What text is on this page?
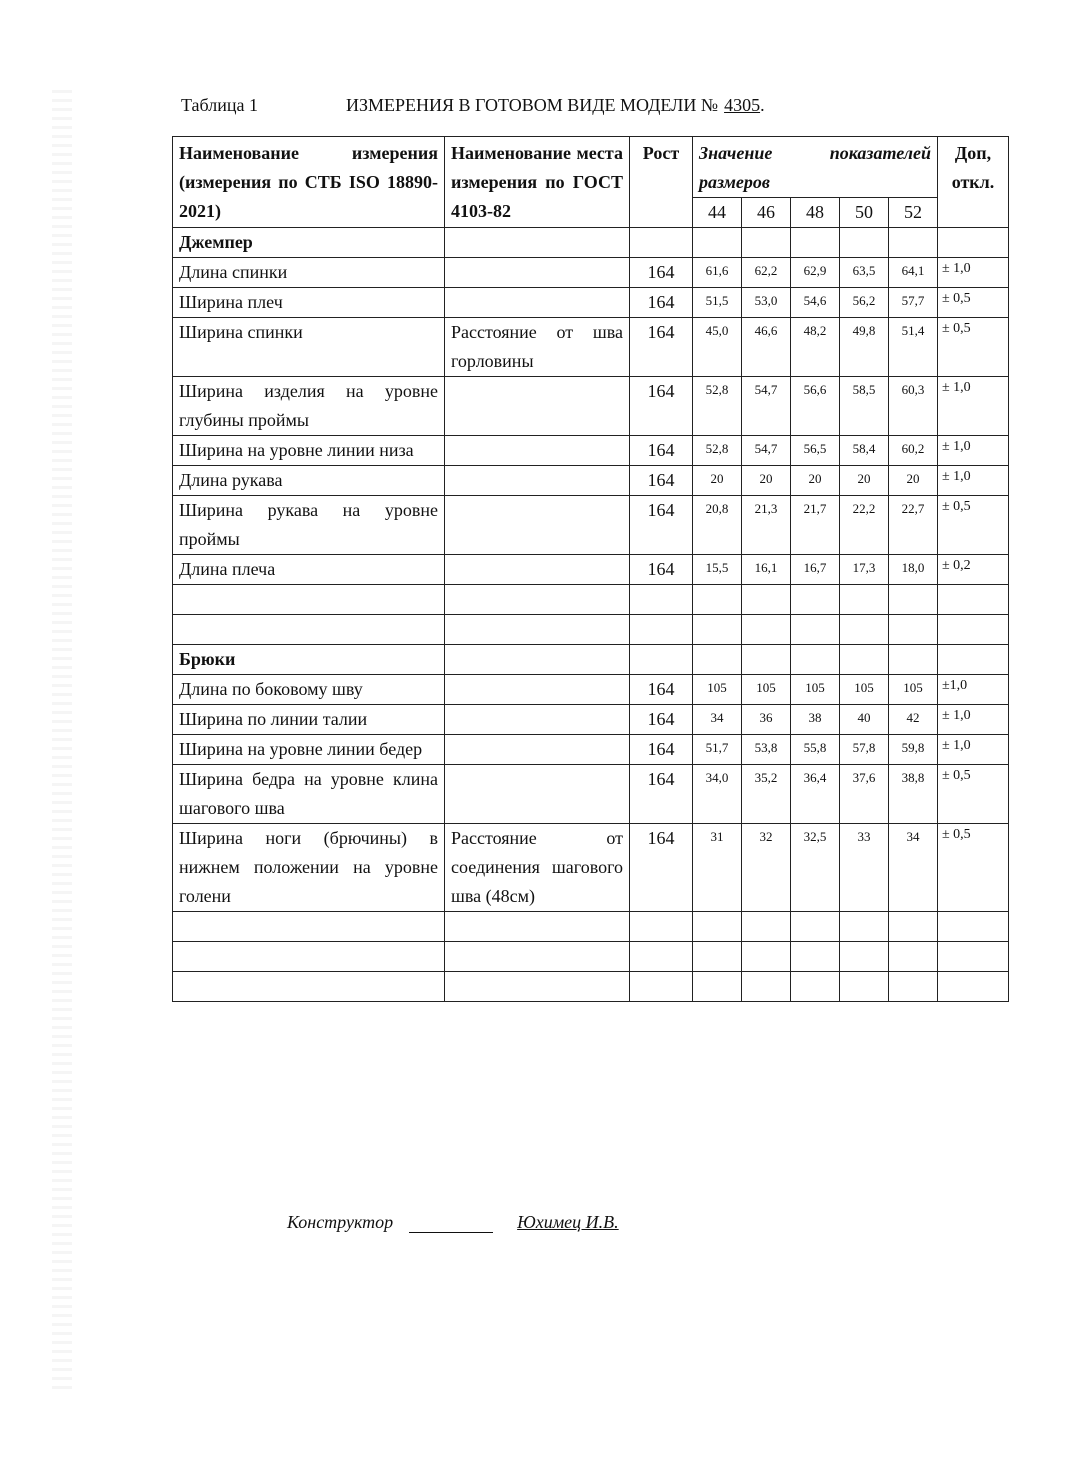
Таблица 1	ИЗМЕРЕНИЯ В ГОТОВОМ ВИДЕ МОДЕЛИ № 4305.
Наименование измерения (измерения по СТБ ISO 18890-2021)	Наименование места измерения по ГОСТ 4103-82	Рост	Значение показателей размеров					Доп, откл.
			44	46	48	50	52	
Джемпер								
Длина спинки		164	61,6	62,2	62,9	63,5	64,1	± 1,0
Ширина плеч		164	51,5	53,0	54,6	56,2	57,7	± 0,5
Ширина спинки	Расстояние от шва горловины	164	45,0	46,6	48,2	49,8	51,4	± 0,5
Ширина изделия на уровне глубины проймы		164	52,8	54,7	56,6	58,5	60,3	± 1,0
Ширина на уровне линии низа		164	52,8	54,7	56,5	58,4	60,2	± 1,0
Длина рукава		164	20	20	20	20	20	± 1,0
Ширина рукава на уровне проймы		164	20,8	21,3	21,7	22,2	22,7	± 0,5
Длина плеча		164	15,5	16,1	16,7	17,3	18,0	± 0,2

Брюки								
Длина по боковому шву		164	105	105	105	105	105	±1,0
Ширина по линии талии		164	34	36	38	40	42	± 1,0
Ширина на уровне линии бедер		164	51,7	53,8	55,8	57,8	59,8	± 1,0
Ширина бедра на уровне клина шагового шва		164	34,0	35,2	36,4	37,6	38,8	± 0,5
Ширина ноги (брючины) в нижнем положении на уровне голени	Расстояние от соединения шагового шва (48см)	164	31	32	32,5	33	34	± 0,5

Конструктор	Юхимец И.В.
